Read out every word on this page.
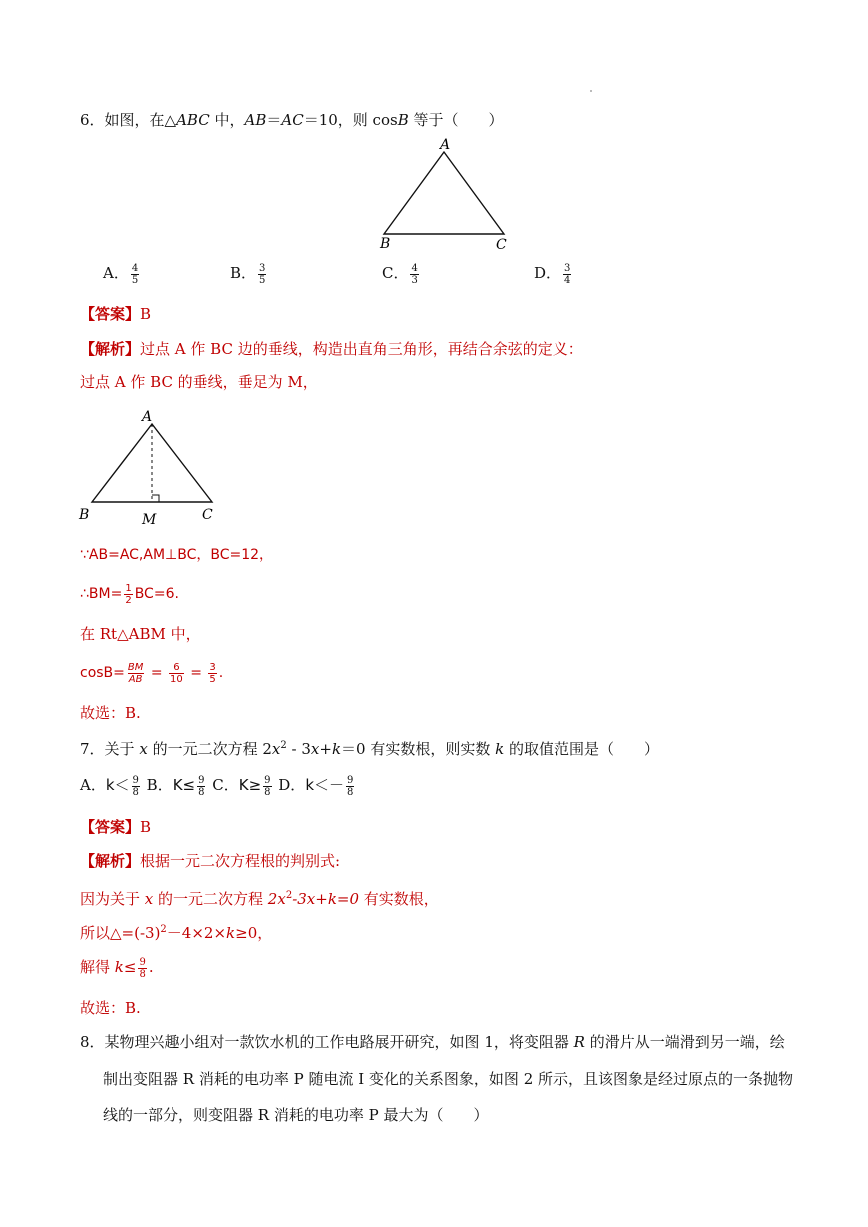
6．如图，在△ABC 中，AB＝AC＝10，则 cosB 等于（　　）
A
B	C
A． $\frac{4}{5}$	B． $\frac{3}{5}$	C． $\frac{4}{3}$	D． $\frac{3}{4}$
【答案】B
【解析】过点 A 作 BC 边的垂线，构造出直角三角形，再结合余弦的定义：
过点 A 作 BC 的垂线，垂足为 M，
A
B	C
M
∵AB=AC,AM⊥BC，BC=12，
∴BM= $\frac{1}{2} BC=6$.
在 Rt△ABM 中，
$\cos B= \frac{BM}{AB} = \frac{6}{10} = \frac{3}{5}$ .
故选：B.
7．关于 x 的一元二次方程 $2x^2 - 3x+k=0$ 有实数根，则实数 k 的取值范围是（　　）
A．$k< \frac{9}{8}$ B．$K\le \frac{9}{8}$ C．$K\ge \frac{9}{8}$ D．$k<- \frac{9}{8}$
【答案】B
【解析】根据一元二次方程根的判别式:
因为关于 x 的一元二次方程 $2x^2-3x+k=0$ 有实数根，
所以$\triangle=(-3)^2-4\times 2\times k\ge 0$，
解得 $k\le \frac{9}{8}$ .
故选：B.
8．某物理兴趣小组对一款饮水机的工作电路展开研究，如图 1，将变阻器 R 的滑片从一端滑到另一端，绘
制出变阻器 R 消耗的电功率 P 随电流 I 变化的关系图象，如图 2 所示，且该图象是经过原点的一条抛物
线的一部分，则变阻器 R 消耗的电功率 P 最大为（　　）
